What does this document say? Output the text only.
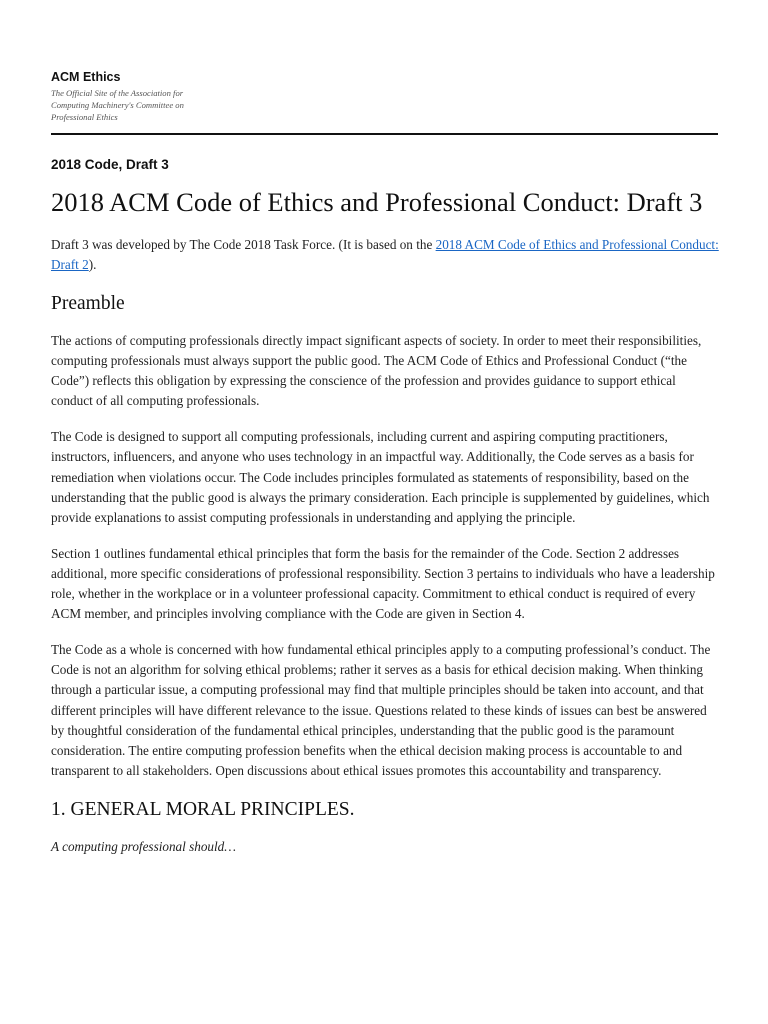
ACM Ethics
The Official Site of the Association for Computing Machinery's Committee on Professional Ethics

2018 Code, Draft 3

2018 ACM Code of Ethics and Professional Conduct: Draft 3

Draft 3 was developed by The Code 2018 Task Force. (It is based on the 2018 ACM Code of Ethics and Professional Conduct: Draft 2).

Preamble

The actions of computing professionals directly impact significant aspects of society. In order to meet their responsibilities, computing professionals must always support the public good. The ACM Code of Ethics and Professional Conduct (“the Code”) reflects this obligation by expressing the conscience of the profession and provides guidance to support ethical conduct of all computing professionals.

The Code is designed to support all computing professionals, including current and aspiring computing practitioners, instructors, influencers, and anyone who uses technology in an impactful way. Additionally, the Code serves as a basis for remediation when violations occur. The Code includes principles formulated as statements of responsibility, based on the understanding that the public good is always the primary consideration. Each principle is supplemented by guidelines, which provide explanations to assist computing professionals in understanding and applying the principle.

Section 1 outlines fundamental ethical principles that form the basis for the remainder of the Code. Section 2 addresses additional, more specific considerations of professional responsibility. Section 3 pertains to individuals who have a leadership role, whether in the workplace or in a volunteer professional capacity. Commitment to ethical conduct is required of every ACM member, and principles involving compliance with the Code are given in Section 4.

The Code as a whole is concerned with how fundamental ethical principles apply to a computing professional’s conduct. The Code is not an algorithm for solving ethical problems; rather it serves as a basis for ethical decision making. When thinking through a particular issue, a computing professional may find that multiple principles should be taken into account, and that different principles will have different relevance to the issue. Questions related to these kinds of issues can best be answered by thoughtful consideration of the fundamental ethical principles, understanding that the public good is the paramount consideration. The entire computing profession benefits when the ethical decision making process is accountable to and transparent to all stakeholders. Open discussions about ethical issues promotes this accountability and transparency.

1. GENERAL MORAL PRINCIPLES.

A computing professional should…
